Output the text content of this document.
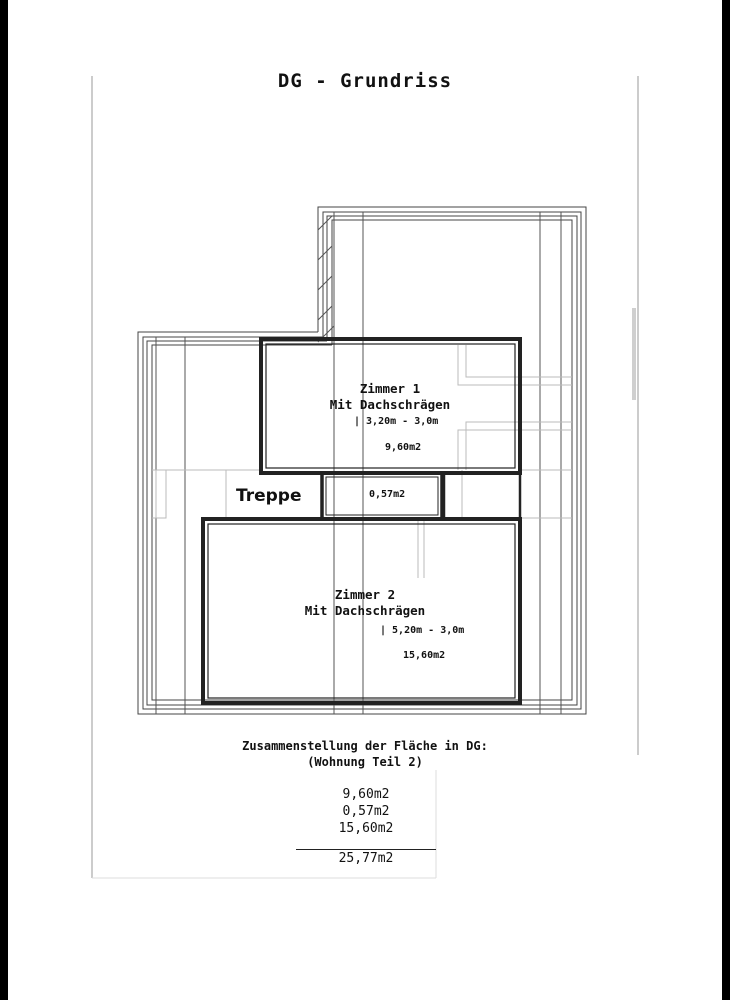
DG - Grundriss
Zimmer 1
Mit Dachschrägen
| 3,20m - 3,0m
9,60m2
Treppe	0,57m2
Zimmer 2
Mit Dachschrägen
| 5,20m - 3,0m
15,60m2
Zusammenstellung der Fläche in DG:
(Wohnung Teil 2)
9,60m2
0,57m2
15,60m2
25,77m2
